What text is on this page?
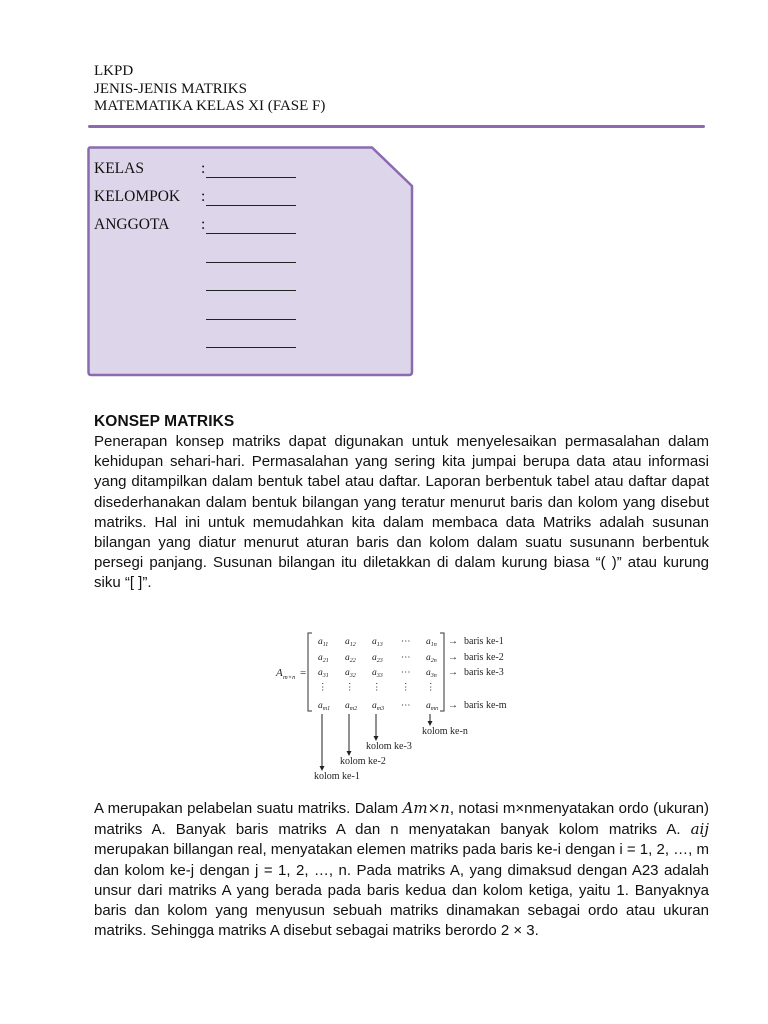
LKPD
JENIS-JENIS MATRIKS
MATEMATIKA KELAS XI (FASE F)
KELAS	:
KELOMPOK :
ANGGOTA :
KONSEP MATRIKS

Penerapan konsep matriks dapat digunakan untuk menyelesaikan permasalahan dalam kehidupan sehari-hari. Permasalahan yang sering kita jumpai berupa data atau informasi yang ditampilkan dalam bentuk tabel atau daftar. Laporan berbentuk tabel atau daftar dapat disederhanakan dalam bentuk bilangan yang teratur menurut baris dan kolom yang disebut matriks. Hal ini untuk memudahkan kita dalam membaca data Matriks adalah susunan bilangan yang diatur menurut aturan baris dan kolom dalam suatu susunann berbentuk persegi panjang. Susunan bilangan itu diletakkan di dalam kurung biasa “( )” atau kurung siku “[ ]”.

A m×n =
$a_{11}$ $a_{12}$ $a_{13}$ ⋯ $a_{1n}$
$a_{21}$ $a_{22}$ $a_{23}$ ⋯ $a_{2n}$
$a_{31}$ $a_{32}$ $a_{33}$ ⋯ $a_{3n}$
⋮ ⋮ ⋮ ⋮ ⋮
$a_{m1}$ $a_{m2}$ $a_{m3}$ ⋯ $a_{mn}$
→ baris ke-1
→ baris ke-2
→ baris ke-3
→ baris ke-m
kolom ke-n
kolom ke-3
kolom ke-2
kolom ke-1

A merupakan pelabelan suatu matriks. Dalam Am×n, notasi m×nmenyatakan ordo (ukuran) matriks A. Banyak baris matriks A dan n menyatakan banyak kolom matriks A. aij merupakan billangan real, menyatakan elemen matriks pada baris ke-i dengan i = 1, 2, …, m dan kolom ke-j dengan j = 1, 2, …, n. Pada matriks A, yang dimaksud dengan A23 adalah unsur dari matriks A yang berada pada baris kedua dan kolom ketiga, yaitu 1. Banyaknya baris dan kolom yang menyusun sebuah matriks dinamakan sebagai ordo atau ukuran matriks. Sehingga matriks A disebut sebagai matriks berordo 2 × 3.
